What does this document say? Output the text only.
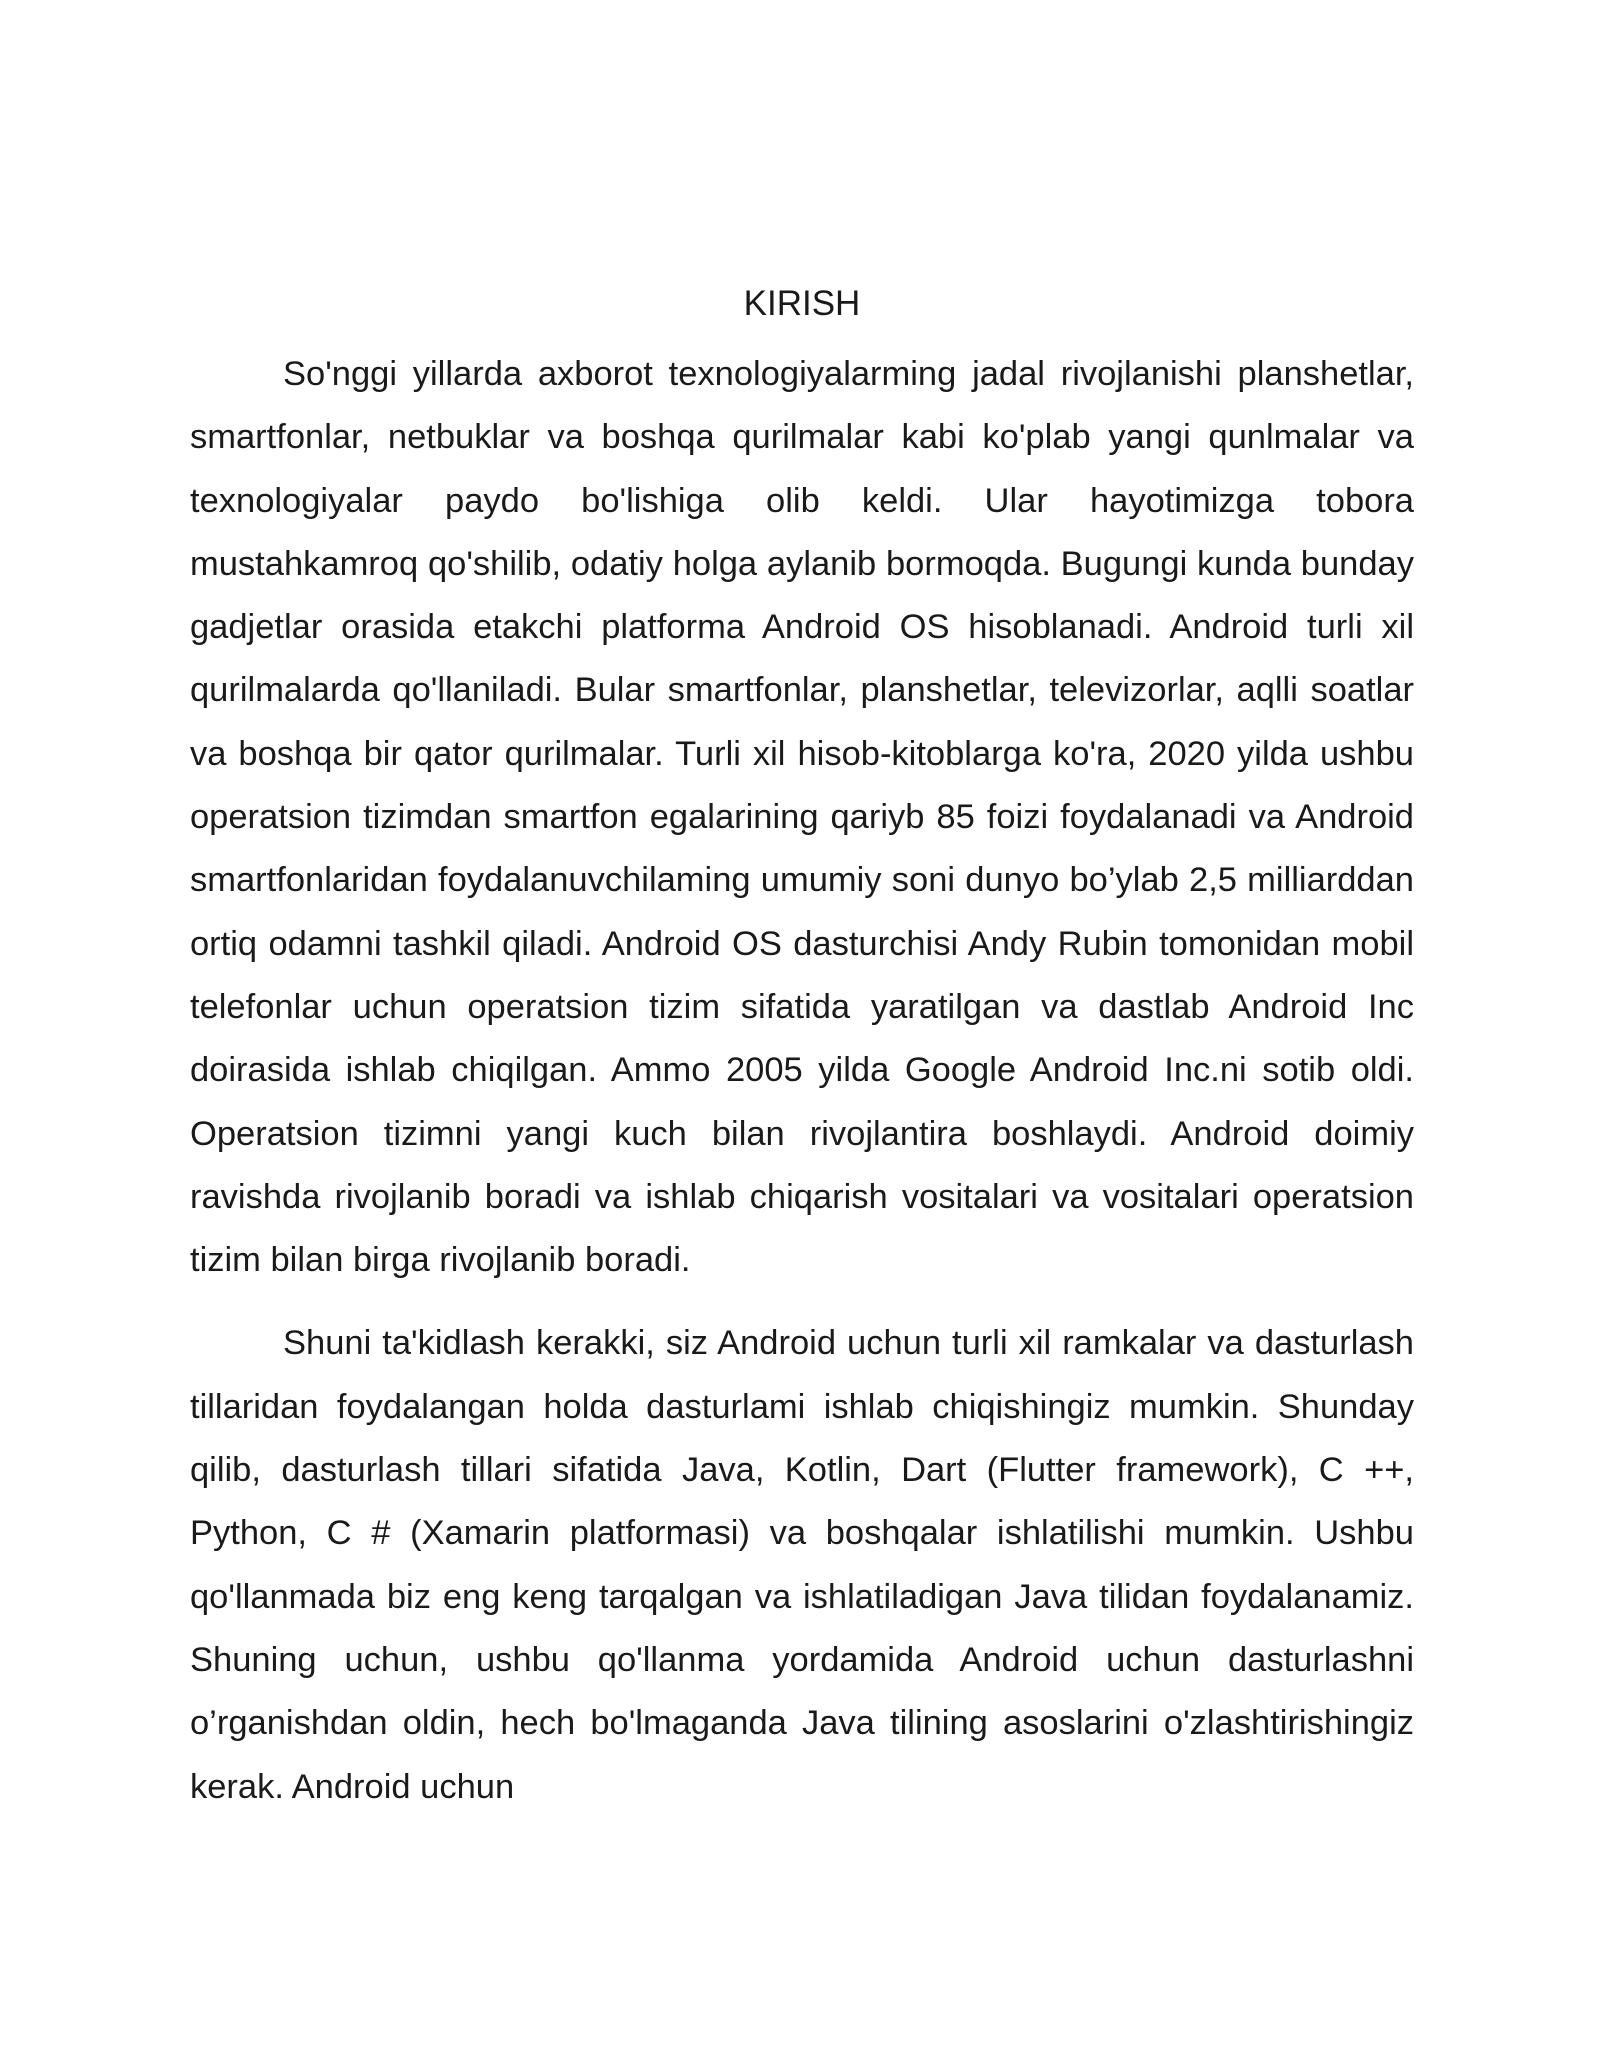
KIRISH

So'nggi yillarda axborot texnologiyalarming jadal rivojlanishi planshetlar, smartfonlar, netbuklar va boshqa qurilmalar kabi ko'plab yangi qunlmalar va texnologiyalar paydo bo'lishiga olib keldi. Ular hayotimizga tobora mustahkamroq qo'shilib, odatiy holga aylanib bormoqda. Bugungi kunda bunday gadjetlar orasida etakchi platforma Android OS hisoblanadi. Android turli xil qurilmalarda qo'llaniladi. Bular smartfonlar, planshetlar, televizorlar, aqlli soatlar va boshqa bir qator qurilmalar. Turli xil hisob-kitoblarga ko'ra, 2020 yilda ushbu operatsion tizimdan smartfon egalarining qariyb 85 foizi foydalanadi va Android smartfonlaridan foydalanuvchilaming umumiy soni dunyo bo’ylab 2,5 milliarddan ortiq odamni tashkil qiladi. Android OS dasturchisi Andy Rubin tomonidan mobil telefonlar uchun operatsion tizim sifatida yaratilgan va dastlab Android Inc doirasida ishlab chiqilgan. Ammo 2005 yilda Google Android Inc.ni sotib oldi. Operatsion tizimni yangi kuch bilan rivojlantira boshlaydi. Android doimiy ravishda rivojlanib boradi va ishlab chiqarish vositalari va vositalari operatsion tizim bilan birga rivojlanib boradi.

Shuni ta'kidlash kerakki, siz Android uchun turli xil ramkalar va dasturlash tillaridan foydalangan holda dasturlami ishlab chiqishingiz mumkin. Shunday qilib, dasturlash tillari sifatida Java, Kotlin, Dart (Flutter framework), C ++, Python, C # (Xamarin platformasi) va boshqalar ishlatilishi mumkin. Ushbu qo'llanmada biz eng keng tarqalgan va ishlatiladigan Java tilidan foydalanamiz. Shuning uchun, ushbu qo'llanma yordamida Android uchun dasturlashni o’rganishdan oldin, hech bo'lmaganda Java tilining asoslarini o'zlashtirishingiz kerak. Android uchun
